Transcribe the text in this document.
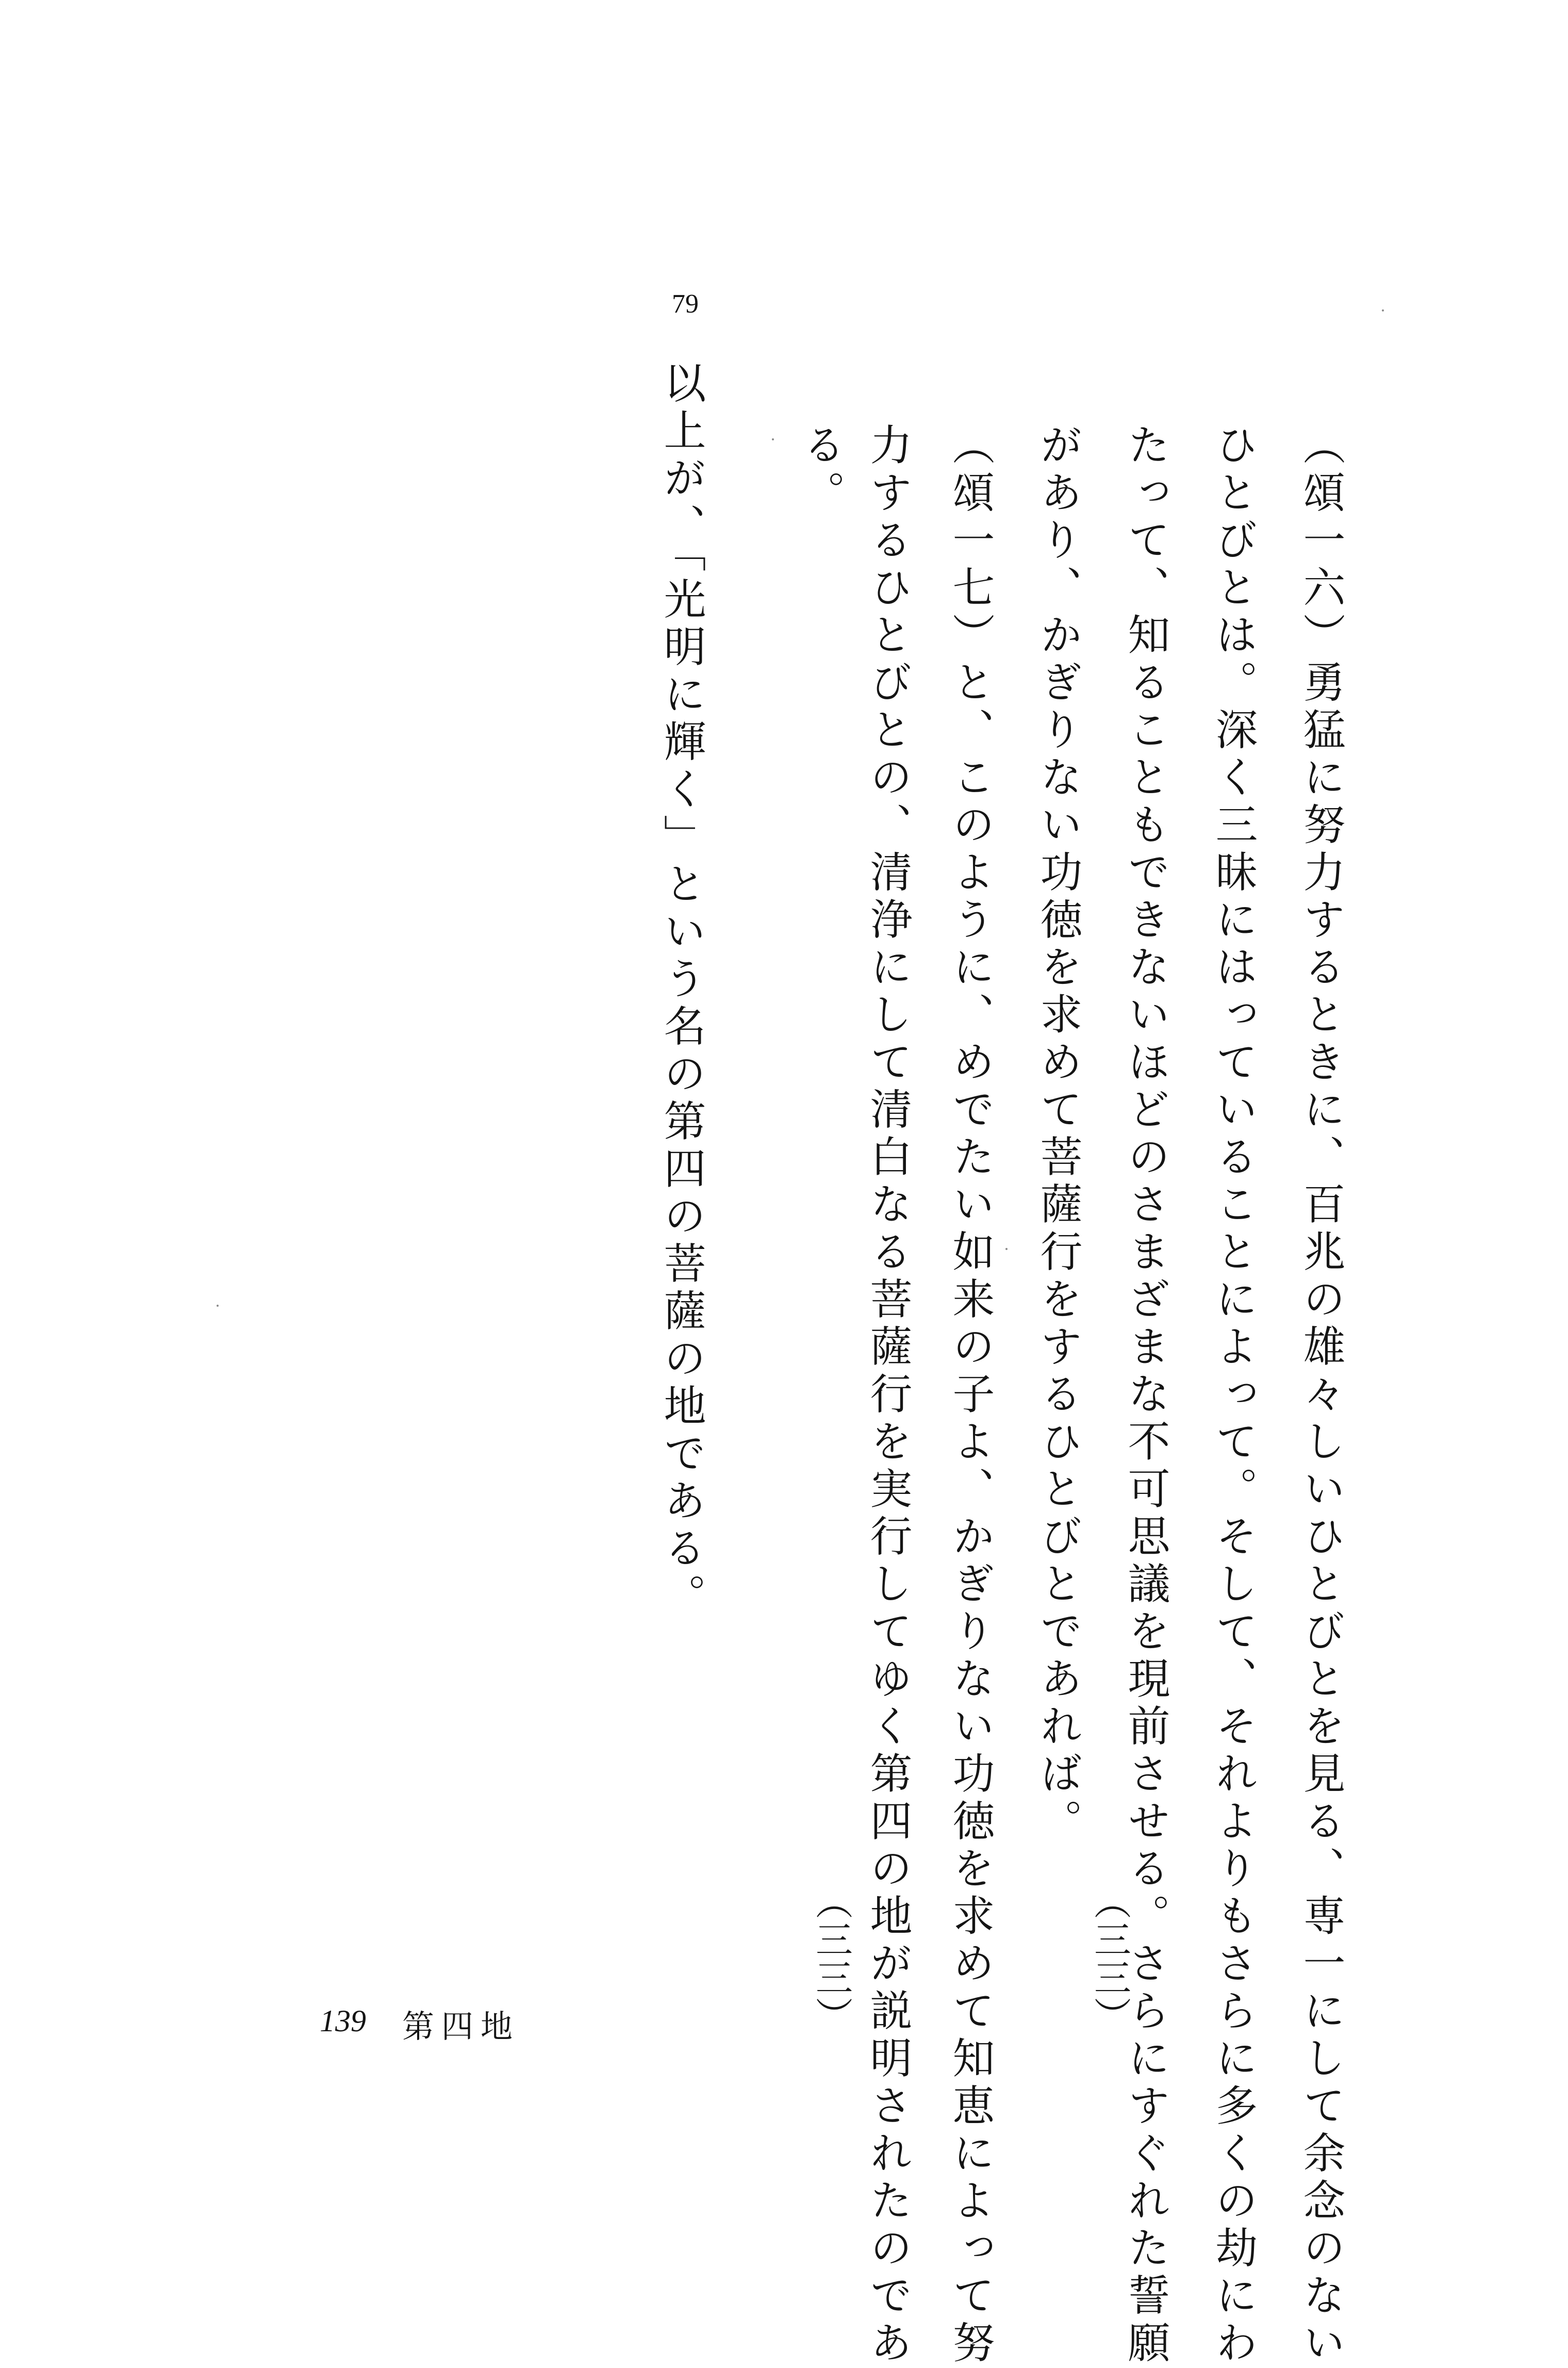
79
（頌一六）勇猛に努力するときに、百兆の雄々しいひとびとを見る、専一にして余念のない
ひとびとは。深く三昧にはっていることによって。そして、それよりもさらに多くの劫にわ
たって、知ることもできないほどのさまざまな不可思議を現前させる。さらにすぐれた誓願
があり、かぎりない功徳を求めて菩薩行をするひとびとであれば。
（三三）
（頌一七）と、このように、めでたい如来の子よ、かぎりない功徳を求めて知恵によって努
力するひとびとの、清浄にして清白なる菩薩行を実行してゆく第四の地が説明されたのであ
る。
（三三）
以上が、「光明に輝く」という名の第四の菩薩の地である。
139 第四地
